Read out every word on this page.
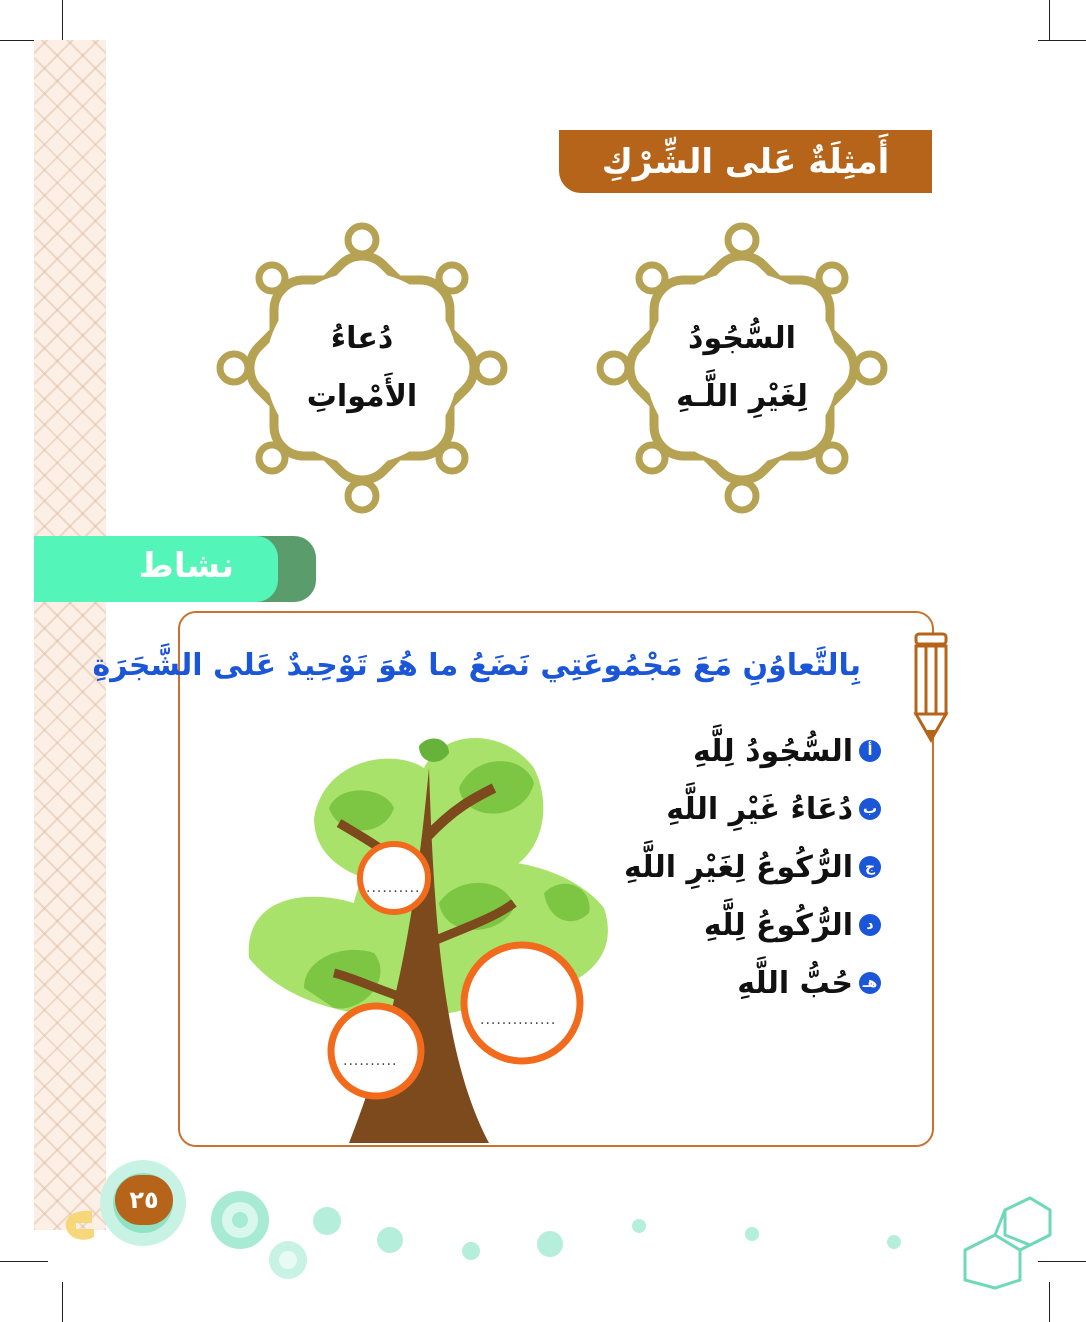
أَمثِلَةٌ عَلى الشِّرْكِ
السُّجُودُ
لِغَيْرِ اللَّـهِ
دُعاءُ
الأَمْواتِ
نشاط
بِالتَّعاوُنِ مَعَ مَجْمُوعَتِي نَضَعُ ما هُوَ تَوْحِيدٌ عَلى الشَّجَرَةِ
أ
السُّجُودُ لِلَّهِ
ب
دُعَاءُ غَيْرِ اللَّهِ
ج
الرُّكُوعُ لِغَيْرِ اللَّهِ
د
الرُّكُوعُ لِلَّهِ
هـ
حُبُّ اللَّهِ
..........
..............
..........
٢٥
